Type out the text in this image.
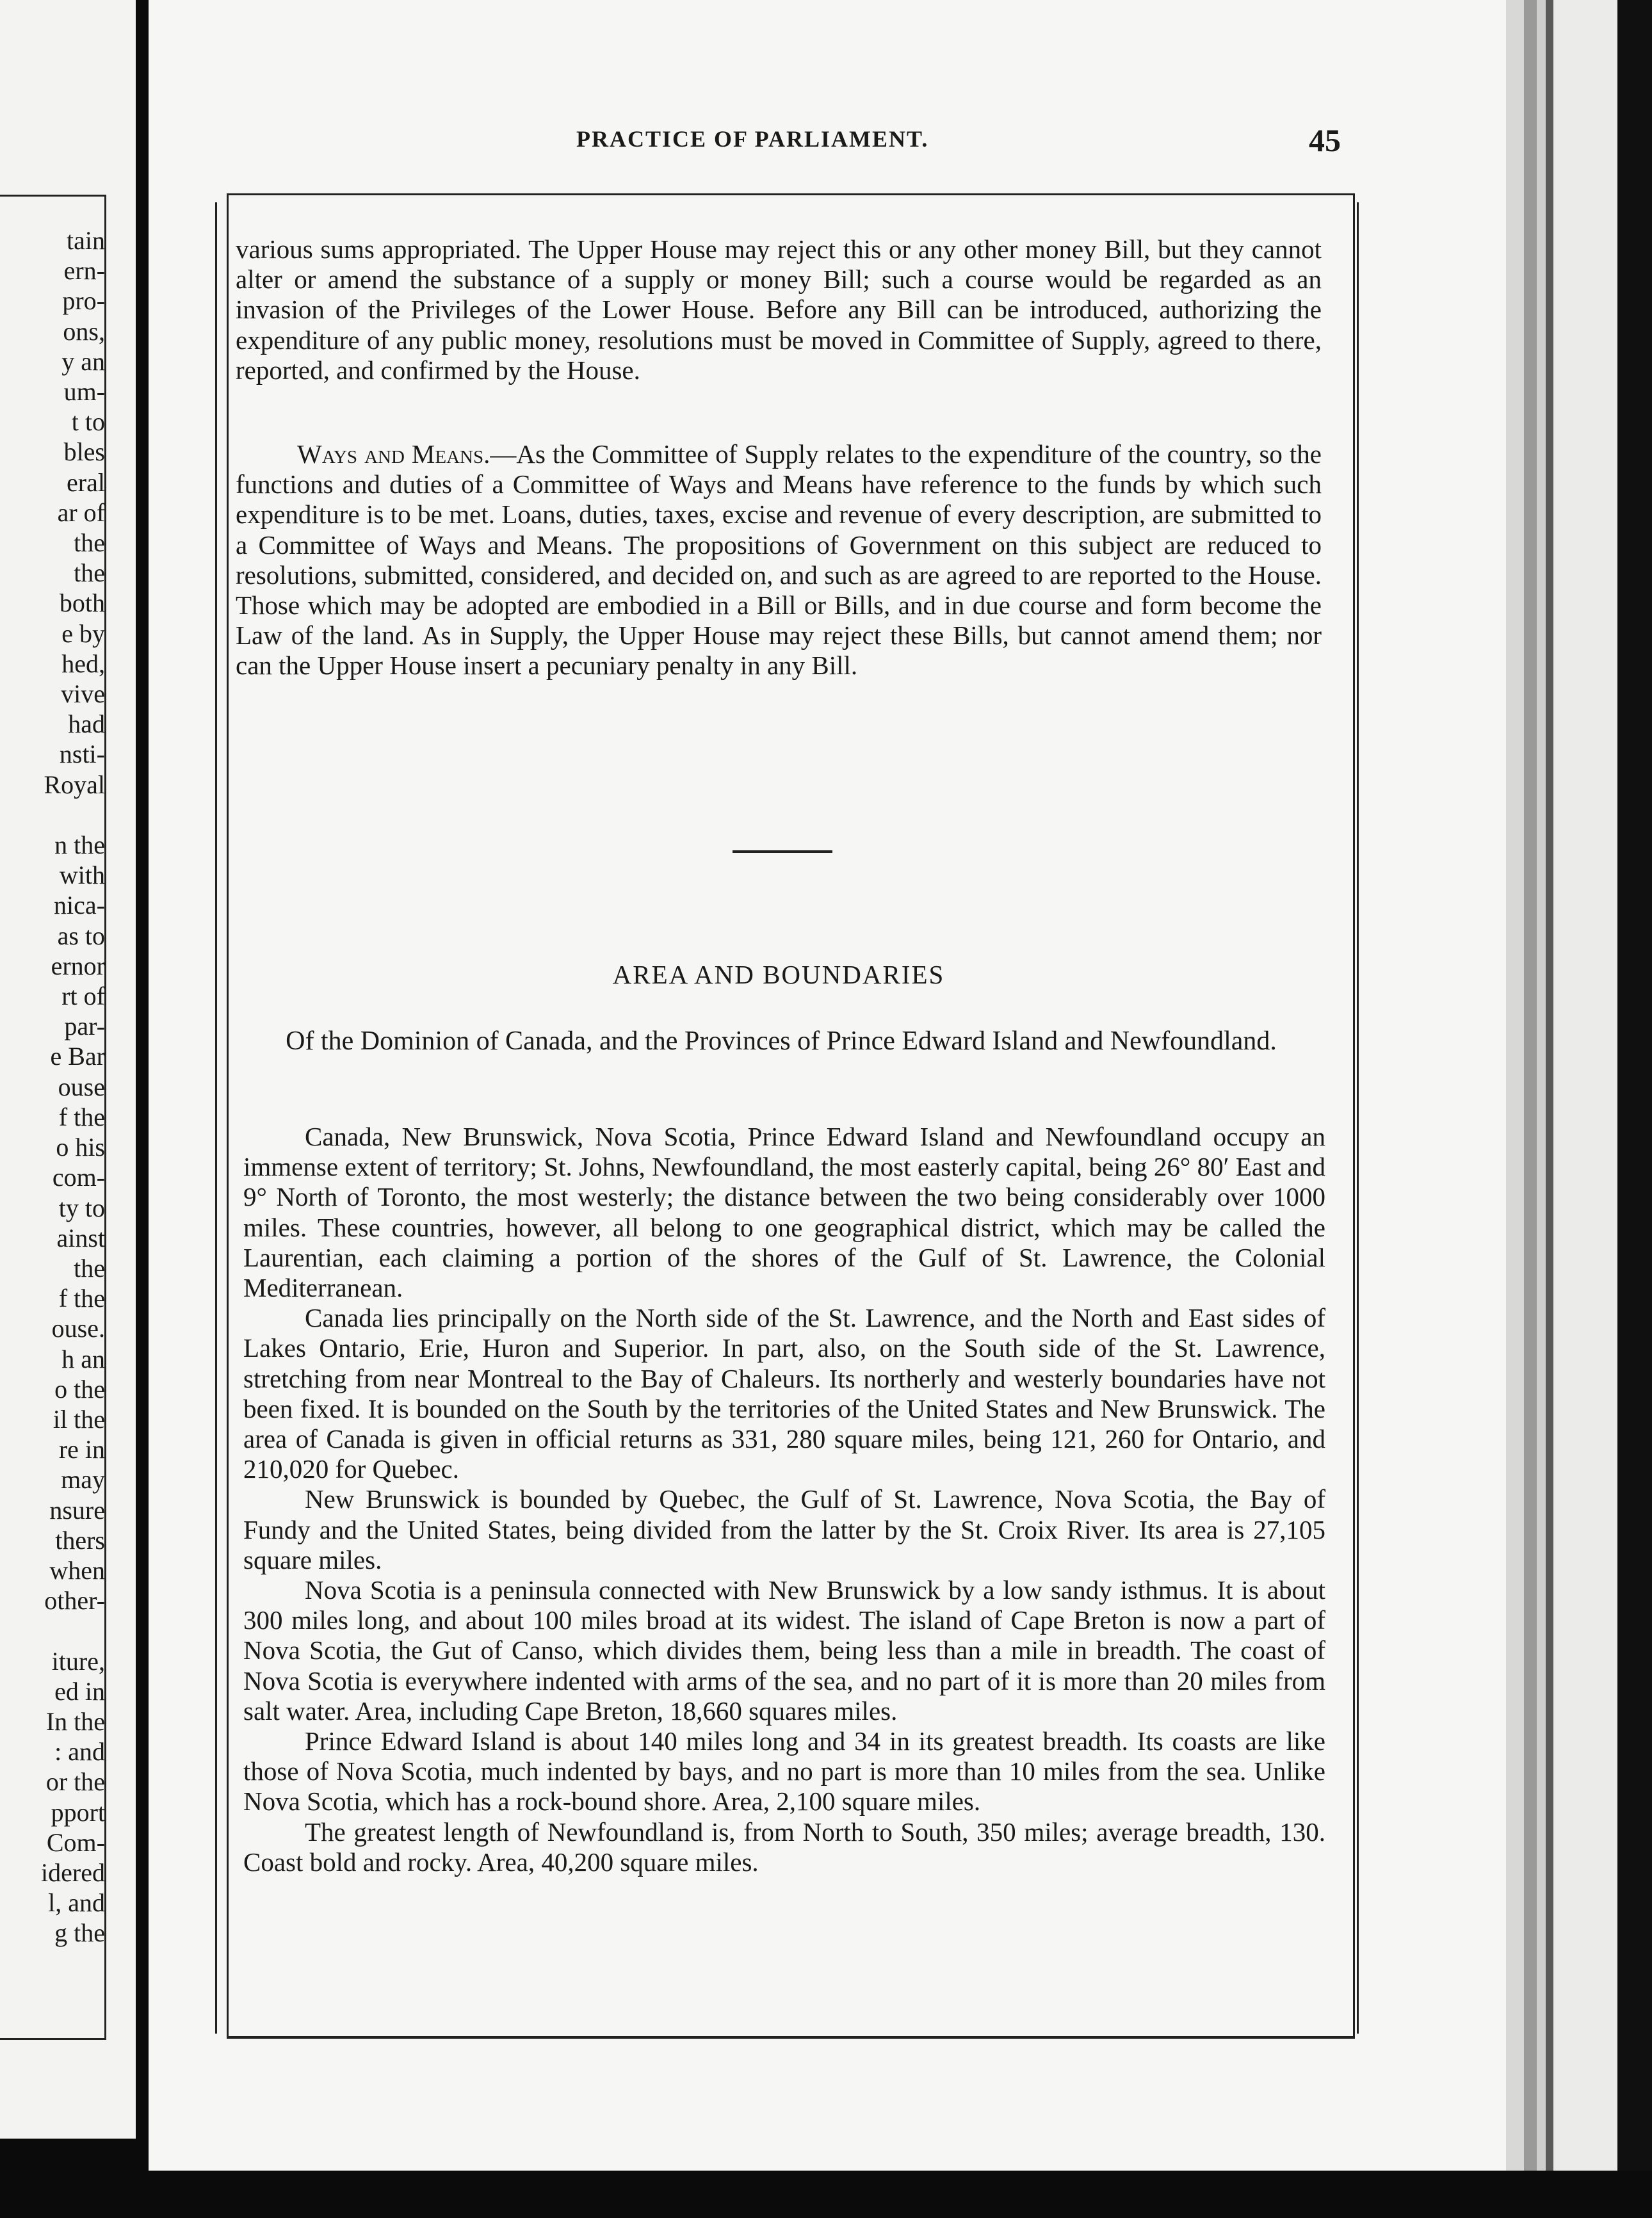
tain
ern-
pro-
ons,
y an
um-
t to
bles
eral
ar of
the
the
both
e by
hed,
vive
had
nsti-
Royal

n the
with
nica-
as to
ernor
rt of
par-
e Bar
ouse
f the
o his
com-
ty to
ainst
the
f the
ouse.
h an
o the
il the
re in
may
nsure
thers
when
other-

iture,
ed in
In the
: and
or the
pport
Com-
idered
l, and
g the
PRACTICE OF PARLIAMENT.	45

various sums appropriated. The Upper House may reject this or any other money Bill, but they cannot alter or amend the substance of a supply or money Bill; such a course would be regarded as an invasion of the Privileges of the Lower House. Before any Bill can be introduced, authorizing the expenditure of any public money, resolutions must be moved in Committee of Supply, agreed to there, reported, and confirmed by the House.

Ways and Means.—As the Committee of Supply relates to the expenditure of the country, so the functions and duties of a Committee of Ways and Means have reference to the funds by which such expenditure is to be met. Loans, duties, taxes, excise and revenue of every description, are submitted to a Committee of Ways and Means. The propositions of Government on this subject are reduced to resolutions, submitted, considered, and decided on, and such as are agreed to are reported to the House. Those which may be adopted are embodied in a Bill or Bills, and in due course and form become the Law of the land. As in Supply, the Upper House may reject these Bills, but cannot amend them; nor can the Upper House insert a pecuniary penalty in any Bill.

AREA AND BOUNDARIES
Of the Dominion of Canada, and the Provinces of Prince Edward Island and Newfoundland.

Canada, New Brunswick, Nova Scotia, Prince Edward Island and Newfoundland occupy an immense extent of territory; St. Johns, Newfoundland, the most easterly capital, being 26° 80′ East and 9° North of Toronto, the most westerly; the distance between the two being considerably over 1000 miles. These countries, however, all belong to one geographical district, which may be called the Laurentian, each claiming a portion of the shores of the Gulf of St. Lawrence, the Colonial Mediterranean.

Canada lies principally on the North side of the St. Lawrence, and the North and East sides of Lakes Ontario, Erie, Huron and Superior. In part, also, on the South side of the St. Lawrence, stretching from near Montreal to the Bay of Chaleurs. Its northerly and westerly boundaries have not been fixed. It is bounded on the South by the territories of the United States and New Brunswick. The area of Canada is given in official returns as 331, 280 square miles, being 121, 260 for Ontario, and 210,020 for Quebec.

New Brunswick is bounded by Quebec, the Gulf of St. Lawrence, Nova Scotia, the Bay of Fundy and the United States, being divided from the latter by the St. Croix River. Its area is 27,105 square miles.

Nova Scotia is a peninsula connected with New Brunswick by a low sandy isthmus. It is about 300 miles long, and about 100 miles broad at its widest. The island of Cape Breton is now a part of Nova Scotia, the Gut of Canso, which divides them, being less than a mile in breadth. The coast of Nova Scotia is everywhere indented with arms of the sea, and no part of it is more than 20 miles from salt water. Area, including Cape Breton, 18,660 squares miles.

Prince Edward Island is about 140 miles long and 34 in its greatest breadth. Its coasts are like those of Nova Scotia, much indented by bays, and no part is more than 10 miles from the sea. Unlike Nova Scotia, which has a rock-bound shore. Area, 2,100 square miles.

The greatest length of Newfoundland is, from North to South, 350 miles; average breadth, 130. Coast bold and rocky. Area, 40,200 square miles.
